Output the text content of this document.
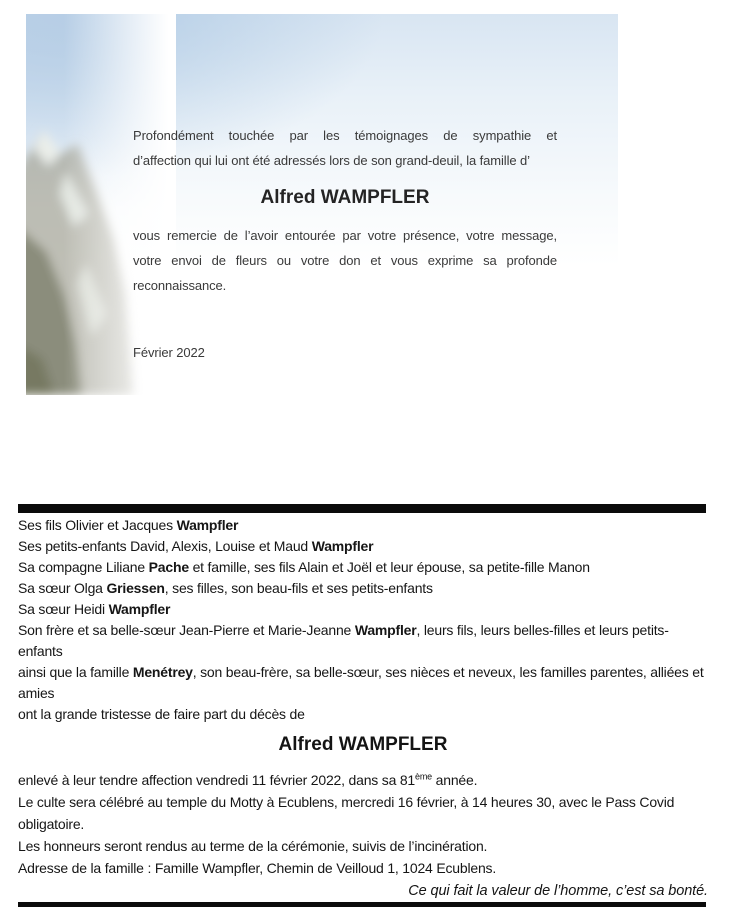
Profondément touchée par les témoignages de sympathie et
d’affection qui lui ont été adressés lors de son grand-deuil, la famille d’
Alfred WAMPFLER
vous remercie de l’avoir entourée par votre présence, votre message,
votre envoi de fleurs ou votre don et vous exprime sa profonde
reconnaissance.
Février 2022
Ses fils Olivier et Jacques Wampfler
Ses petits-enfants David, Alexis, Louise et Maud Wampfler
Sa compagne Liliane Pache et famille, ses fils Alain et Joël et leur épouse, sa petite-fille Manon
Sa sœur Olga Griessen, ses filles, son beau-fils et ses petits-enfants
Sa sœur Heidi Wampfler
Son frère et sa belle-sœur Jean-Pierre et Marie-Jeanne Wampfler, leurs fils, leurs belles-filles et leurs petits-enfants
ainsi que la famille Menétrey, son beau-frère, sa belle-sœur, ses nièces et neveux, les familles parentes, alliées et amies
ont la grande tristesse de faire part du décès de
Alfred WAMPFLER
enlevé à leur tendre affection vendredi 11 février 2022, dans sa 81ème année.
Le culte sera célébré au temple du Motty à Ecublens, mercredi 16 février, à 14 heures 30, avec le Pass Covid obligatoire.
Les honneurs seront rendus au terme de la cérémonie, suivis de l’incinération.
Adresse de la famille : Famille Wampfler, Chemin de Veilloud 1, 1024 Ecublens.
Ce qui fait la valeur de l’homme, c’est sa bonté.
